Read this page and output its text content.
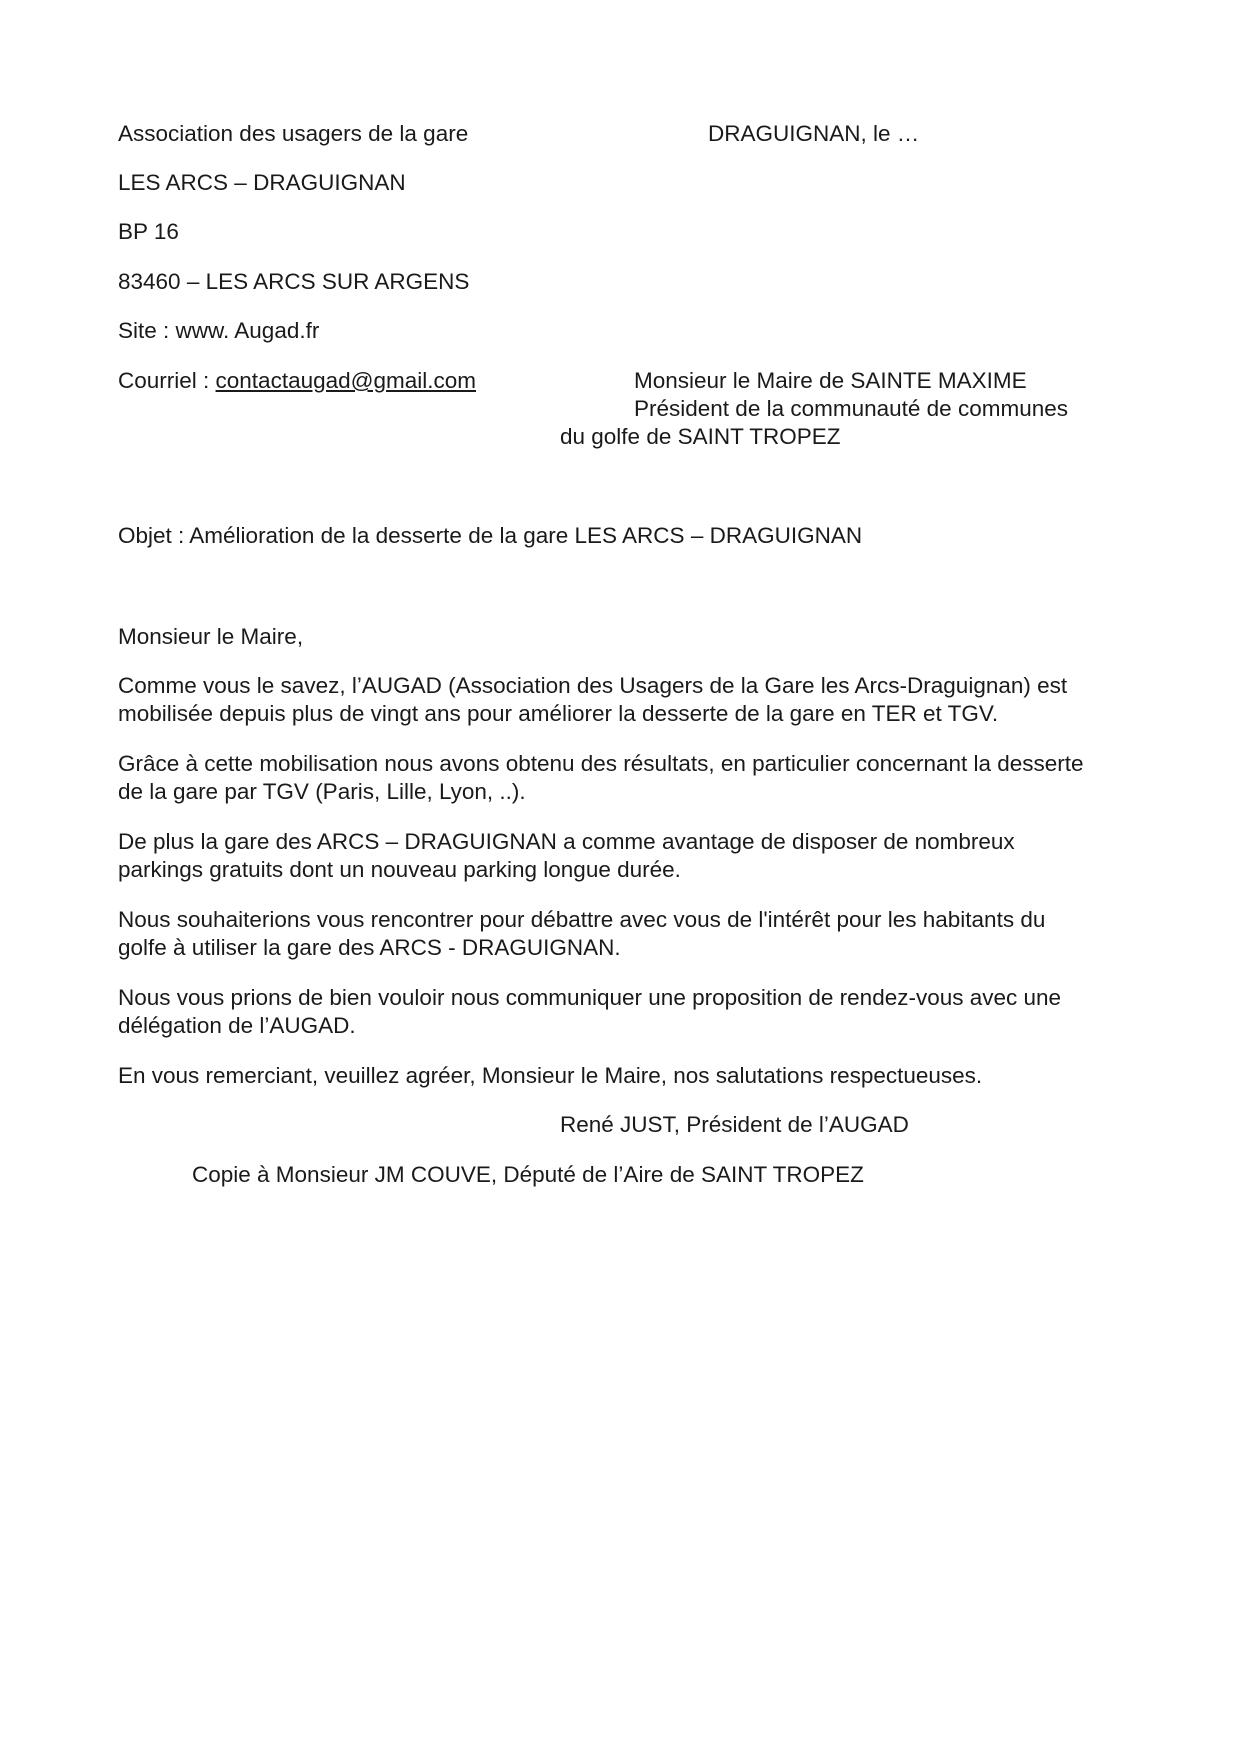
Association des usagers de la gare	DRAGUIGNAN, le …
LES ARCS – DRAGUIGNAN
BP 16
83460 – LES ARCS SUR ARGENS
Site : www. Augad.fr
Courriel : contactaugad@gmail.com	Monsieur le Maire de SAINTE MAXIME
Président de la communauté de communes
du golfe de SAINT TROPEZ
Objet : Amélioration de la desserte de la gare LES ARCS – DRAGUIGNAN
Monsieur le Maire,
Comme vous le savez, l’AUGAD (Association des Usagers de la Gare les Arcs-Draguignan) est
mobilisée depuis plus de vingt ans pour améliorer la desserte de la gare en TER et TGV.
Grâce à cette mobilisation nous avons obtenu des résultats, en particulier concernant la desserte
de la gare par TGV (Paris, Lille, Lyon, ..).
De plus la gare des ARCS – DRAGUIGNAN a comme avantage de disposer de nombreux
parkings gratuits dont un nouveau parking longue durée.
Nous souhaiterions vous rencontrer pour débattre avec vous de l'intérêt pour les habitants du
golfe à utiliser la gare des ARCS - DRAGUIGNAN.
Nous vous prions de bien vouloir nous communiquer une proposition de rendez-vous avec une
délégation de l’AUGAD.
En vous remerciant, veuillez agréer, Monsieur le Maire, nos salutations respectueuses.
René JUST, Président de l’AUGAD
Copie à Monsieur JM COUVE, Député de l’Aire de SAINT TROPEZ
